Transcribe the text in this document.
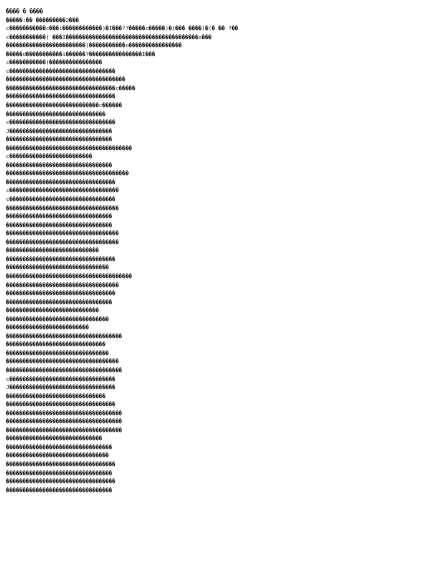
�ٔ��� � ����
�����:�� ���������2���
c�����������c���i������������)�I���??�����c�����)�(��� ����)�(� �� ?��
c�����������( ���I����������������������������������������o���
������������������������(�����������o����������������
�����d�����������i������?����������������I���
c�����������(����������������
c��������������������������������
������������������������������������
���������������������������������c�����
���������������������������������
����������������������������c������
������������������������������
c��������������������������������
J�������������������������������
��������������������������������
��������������������������������������
c�������������������������
��������������������������������
�������������������������������������
���������������������������������
c���������������������������������
c��������������������������������
����������������������������������
��������������������������������
��������������������������������
����������������������������������
����������������������������������
����������������������������
���������������������������������
�������������������������������
��������������������������������������
����������������������������������
���������������������������������
��������������������������������
����������������������������
�������������������������������
�������������������������
�����������������������������������
������������������������������
�������������������������������
����������������������������������
�����������������������������������
c��������������������������������
J��������������������������������
������������������������������
���������������������������������
�����������������������������������
�����������������������������������
�����������������������������������
�����������������������������
��������������������������������
�������������������������������
���������������������������������
��������������������������������
���������������������������������
��������������������������������
